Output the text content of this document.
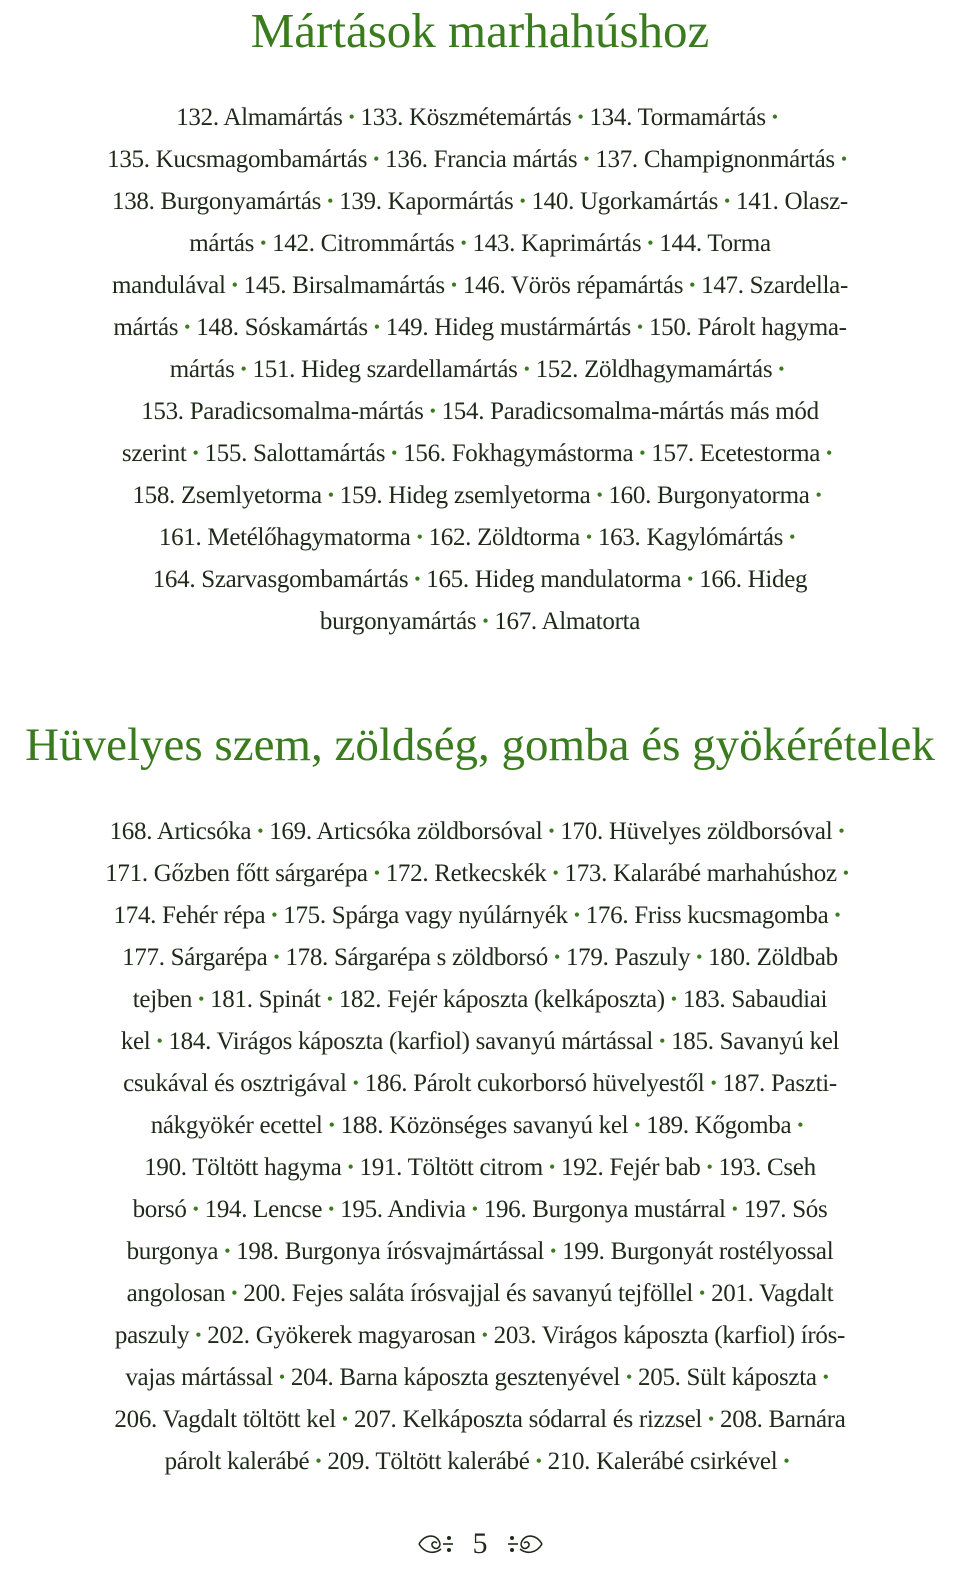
Mártások marhahúshoz
132. Almamártás • 133. Köszmétemártás • 134. Tormamártás •
135. Kucsmagombamártás • 136. Francia mártás • 137. Champignonmártás •
138. Burgonyamártás • 139. Kapormártás • 140. Ugorkamártás • 141. Olasz-
mártás • 142. Citrommártás • 143. Kaprimártás • 144. Torma
mandulával • 145. Birsalmamártás • 146. Vörös répamártás • 147. Szardella-
mártás • 148. Sóskamártás • 149. Hideg mustármártás • 150. Párolt hagyma-
mártás • 151. Hideg szardellamártás • 152. Zöldhagymamártás •
153. Paradicsomalma-mártás • 154. Paradicsomalma-mártás más mód
szerint • 155. Salottamártás • 156. Fokhagymástorma • 157. Ecetestorma •
158. Zsemlyetorma • 159. Hideg zsemlyetorma • 160. Burgonyatorma •
161. Metélőhagymatorma • 162. Zöldtorma • 163. Kagylómártás •
164. Szarvasgombamártás • 165. Hideg mandulatorma • 166. Hideg
burgonyamártás • 167. Almatorta
Hüvelyes szem, zöldség, gomba és gyökérételek
168. Articsóka • 169. Articsóka zöldborsóval • 170. Hüvelyes zöldborsóval •
171. Gőzben főtt sárgarépa • 172. Retkecskék • 173. Kalarábé marhahúshoz •
174. Fehér répa • 175. Spárga vagy nyúlárnyék • 176. Friss kucsmagomba •
177. Sárgarépa • 178. Sárgarépa s zöldborsó • 179. Paszuly • 180. Zöldbab
tejben • 181. Spinát • 182. Fejér káposzta (kelkáposzta) • 183. Sabaudiai
kel • 184. Virágos káposzta (karfiol) savanyú mártással • 185. Savanyú kel
csukával és osztrigával • 186. Párolt cukorborsó hüvelyestől • 187. Paszti-
nákgyökér ecettel • 188. Közönséges savanyú kel • 189. Kőgomba •
190. Töltött hagyma • 191. Töltött citrom • 192. Fejér bab • 193. Cseh
borsó • 194. Lencse • 195. Andivia • 196. Burgonya mustárral • 197. Sós
burgonya • 198. Burgonya írósvajmártással • 199. Burgonyát rostélyossal
angolosan • 200. Fejes saláta írósvajjal és savanyú tejföllel • 201. Vagdalt
paszuly • 202. Gyökerek magyarosan • 203. Virágos káposzta (karfiol) írós-
vajas mártással • 204. Barna káposzta gesztenyével • 205. Sült káposzta •
206. Vagdalt töltött kel • 207. Kelkáposzta sódarral és rizzsel • 208. Barnára
párolt kalerábé • 209. Töltött kalerábé • 210. Kalerábé csirkével •
5
